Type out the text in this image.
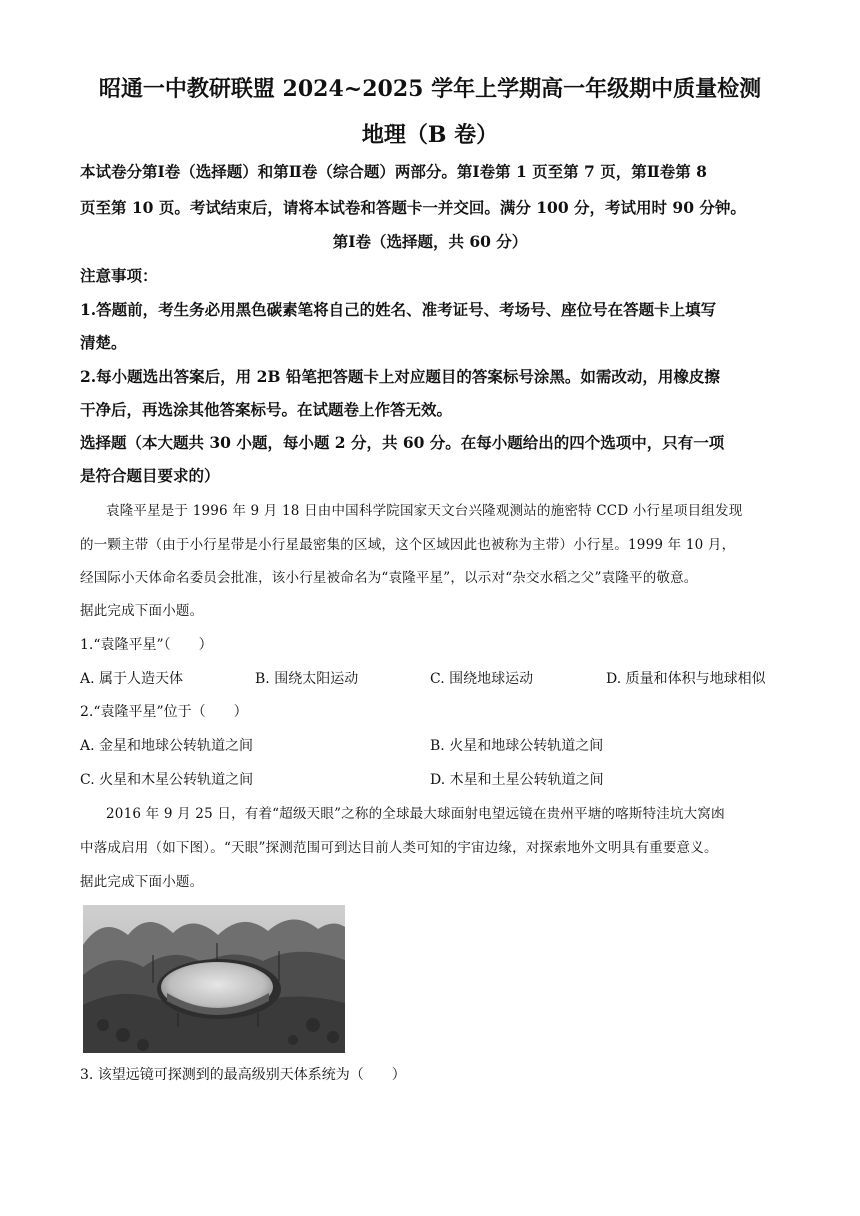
昭通一中教研联盟 2024~2025 学年上学期高一年级期中质量检测
地理（B 卷）
本试卷分第Ⅰ卷（选择题）和第Ⅱ卷（综合题）两部分。第Ⅰ卷第 1 页至第 7 页，第Ⅱ卷第 8
页至第 10 页。考试结束后，请将本试卷和答题卡一并交回。满分 100 分，考试用时 90 分钟。
第Ⅰ卷（选择题，共 60 分）
注意事项：
1.答题前，考生务必用黑色碳素笔将自己的姓名、准考证号、考场号、座位号在答题卡上填写
清楚。
2.每小题选出答案后，用 2B 铅笔把答题卡上对应题目的答案标号涂黑。如需改动，用橡皮擦
干净后，再选涂其他答案标号。在试题卷上作答无效。
选择题（本大题共 30 小题，每小题 2 分，共 60 分。在每小题给出的四个选项中，只有一项
是符合题目要求的）
袁隆平星是于 1996 年 9 月 18 日由中国科学院国家天文台兴隆观测站的施密特 CCD 小行星项目组发现
的一颗主带（由于小行星带是小行星最密集的区域，这个区域因此也被称为主带）小行星。1999 年 10 月，
经国际小天体命名委员会批准，该小行星被命名为“袁隆平星”，以示对“杂交水稻之父”袁隆平的敬意。
据此完成下面小题。
1.“袁隆平星”（　　）
A. 属于人造天体	B. 围绕太阳运动	C. 围绕地球运动	D. 质量和体积与地球相似
2.“袁隆平星”位于（　　）
A. 金星和地球公转轨道之间	B. 火星和地球公转轨道之间
C. 火星和木星公转轨道之间	D. 木星和土星公转轨道之间
2016 年 9 月 25 日，有着“超级天眼”之称的全球最大球面射电望远镜在贵州平塘的喀斯特洼坑大窝凼
中落成启用（如下图）。“天眼”探测范围可到达目前人类可知的宇宙边缘，对探索地外文明具有重要意义。
据此完成下面小题。
3. 该望远镜可探测到的最高级别天体系统为（　　）
